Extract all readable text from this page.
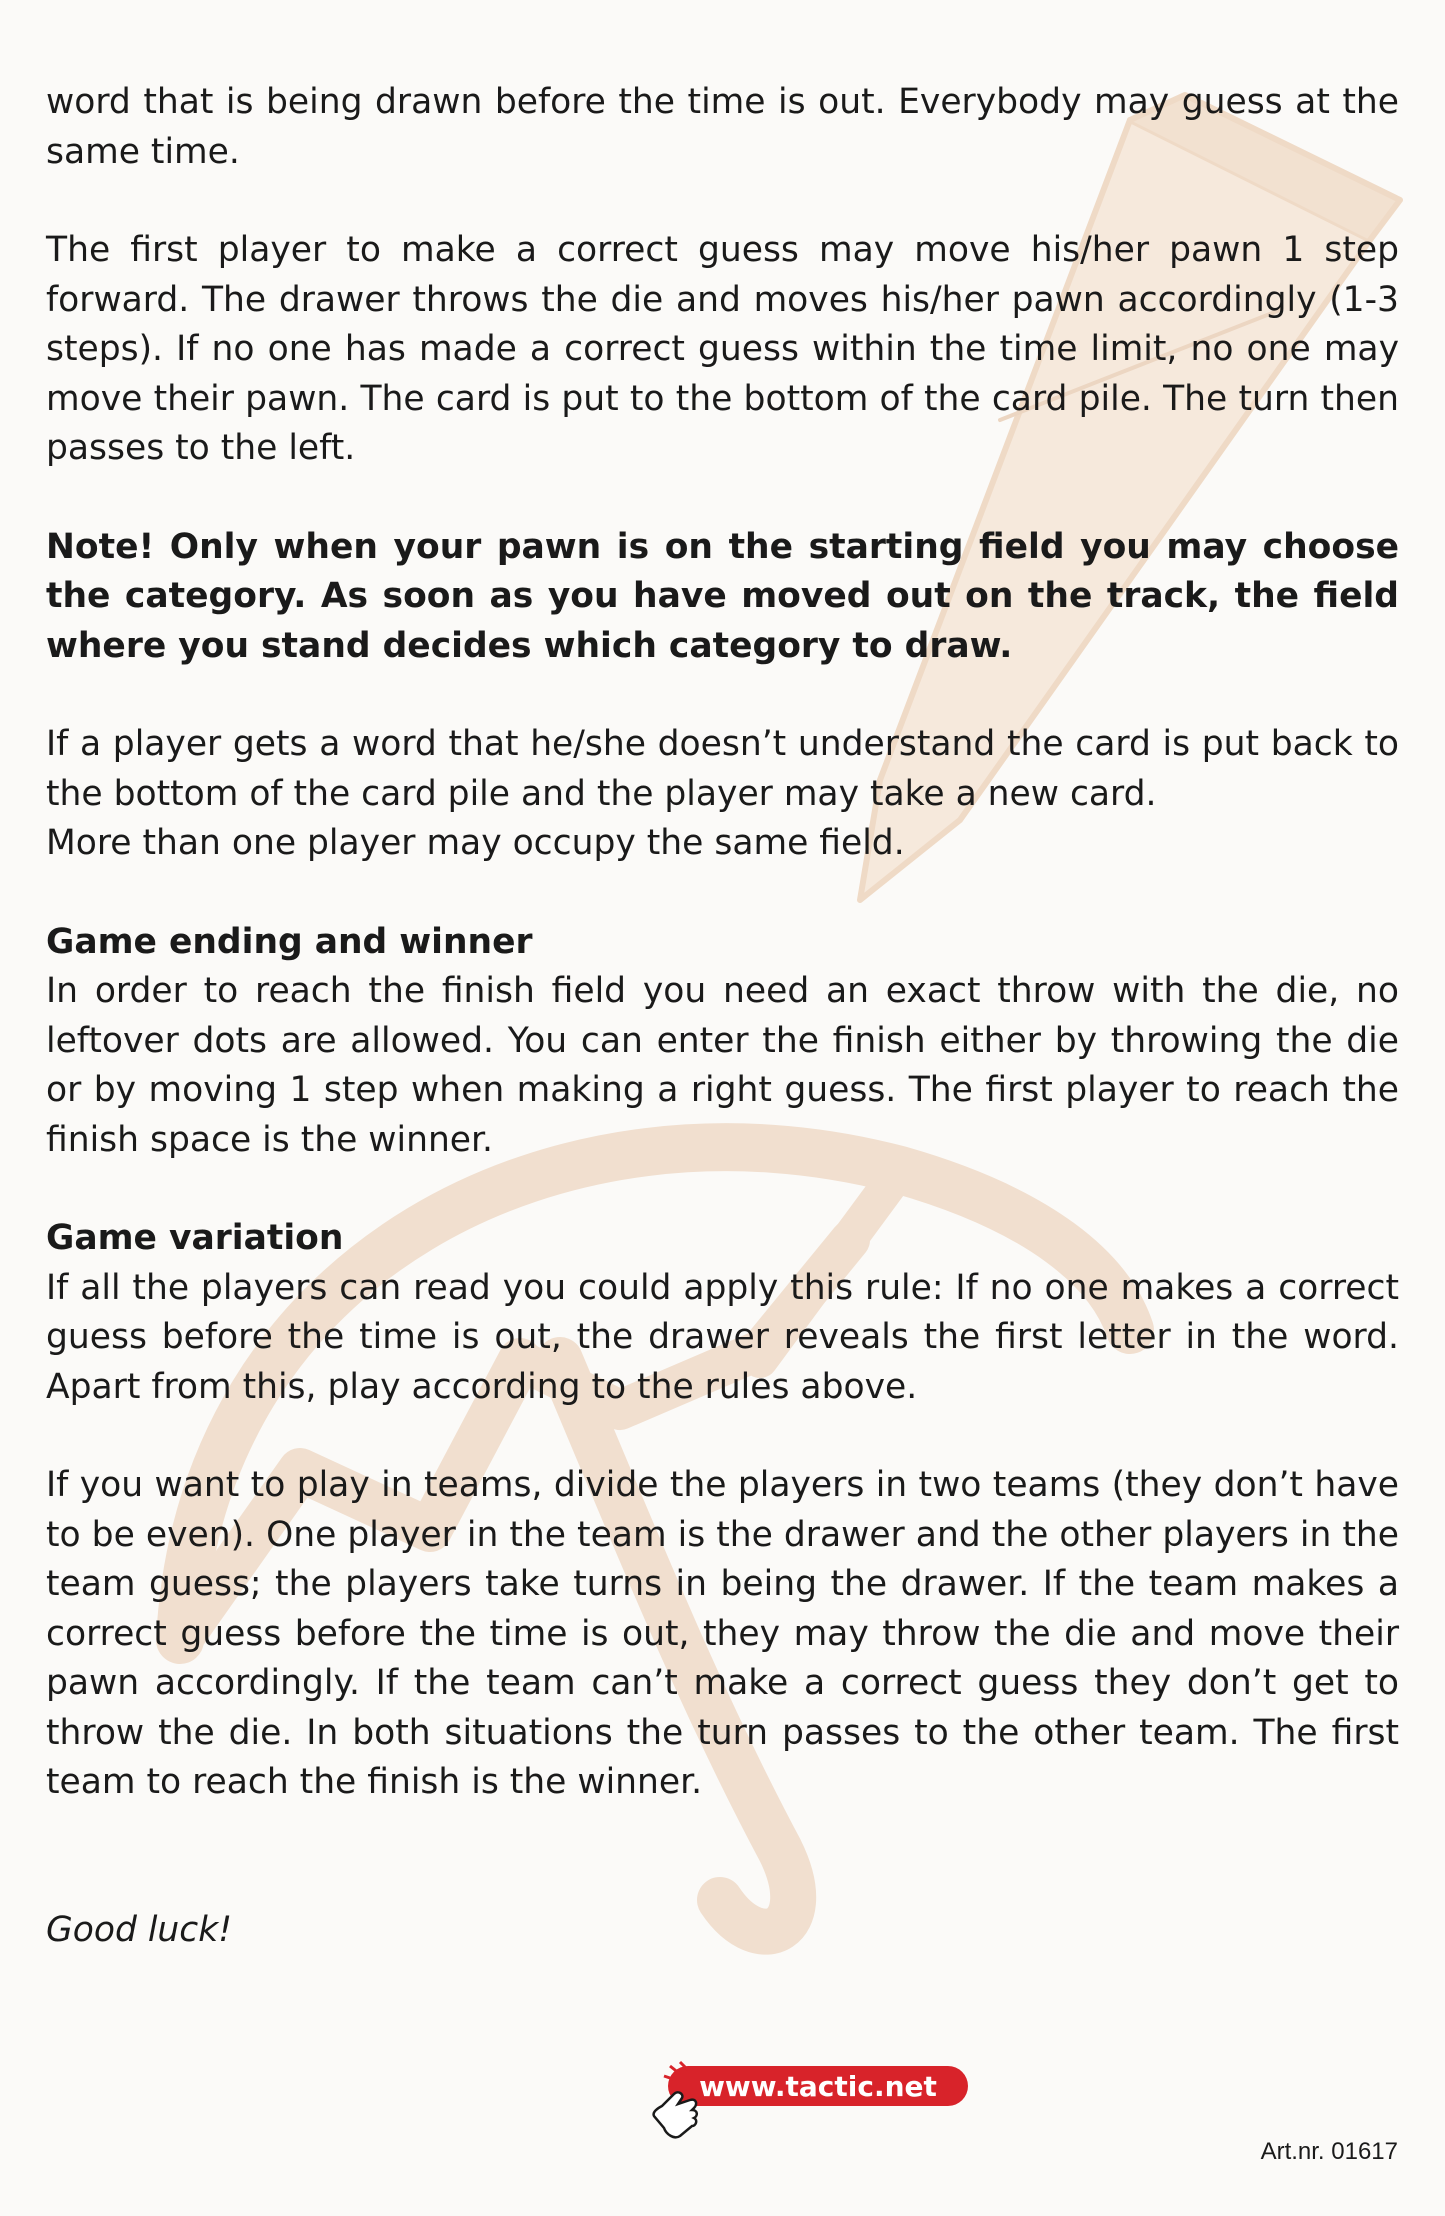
word that is being drawn before the time is out. Everybody may guess at the same time.

The first player to make a correct guess may move his/her pawn 1 step forward. The drawer throws the die and moves his/her pawn accordingly (1-3 steps). If no one has made a correct guess within the time limit, no one may move their pawn. The card is put to the bottom of the card pile. The turn then passes to the left.

Note! Only when your pawn is on the starting field you may choose the category. As soon as you have moved out on the track, the field where you stand decides which category to draw.

If a player gets a word that he/she doesn’t understand the card is put back to the bottom of the card pile and the player may take a new card.

More than one player may occupy the same field.

Game ending and winner

In order to reach the finish field you need an exact throw with the die, no leftover dots are allowed. You can enter the finish either by throwing the die or by moving 1 step when making a right guess. The first player to reach the finish space is the winner.

Game variation

If all the players can read you could apply this rule: If no one makes a correct guess before the time is out, the drawer reveals the first letter in the word. Apart from this, play according to the rules above.

If you want to play in teams, divide the players in two teams (they don’t have to be even). One player in the team is the drawer and the other players in the team guess; the players take turns in being the drawer. If the team makes a correct guess before the time is out, they may throw the die and move their pawn accordingly. If the team can’t make a correct guess they don’t get to throw the die. In both situations the turn passes to the other team. The first team to reach the finish is the winner.

Good luck!

www.tactic.net
Art.nr. 01617
